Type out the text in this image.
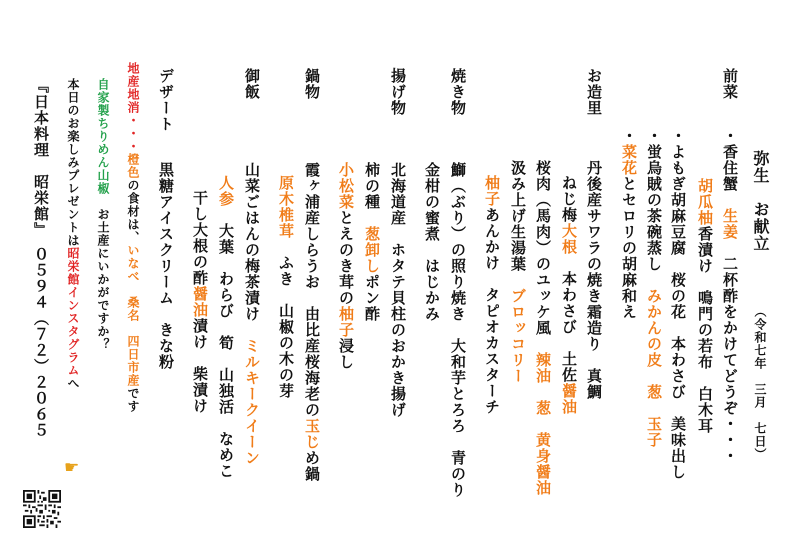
弥生　お献立
（令和七年　三月　七日）
前菜
・香住蟹　生姜　二杯酢をかけてどうぞ・・・
胡瓜柚香漬け　鳴門の若布　白木耳
・よもぎ胡麻豆腐　桜の花　本わさび　美味出し
・蛍烏賊の茶碗蒸し　みかんの皮　葱　玉子
・菜花とセロリの胡麻和え
お造里
丹後産サワラの焼き霜造り　真鯛
ねじ梅大根　本わさび　土佐醤油
桜肉（馬肉）のユッケ風　辣油　葱　黄身醤油
汲み上げ生湯葉　ブロッコリー
柚子あんかけ　タピオカスターチ
焼き物
鰤（ぶり）の照り焼き　大和芋とろろ　青のり
金柑の蜜煮　はじかみ
揚げ物
北海道産　ホタテ貝柱のおかき揚げ
柿の種　葱卸しポン酢
小松菜とえのき茸の柚子浸し
鍋物
霞ヶ浦産しらうお　由比産桜海老の玉じめ鍋
原木椎茸　ふき　山椒の木の芽
御飯
山菜ごはんの梅茶漬け　ミルキークイーン
人参　大葉　わらび　筍　山独活　なめこ
干し大根の酢醤油漬け　柴漬け
デザート
黒糖アイスクリーム　きな粉
地産地消・・・橙色の食材は、いなべ　桑名　四日市産です
自家製ちりめん山椒　お土産にいかがですか？
本日のお楽しみプレゼントは昭栄館インスタグラムへ
☛
『日本料理　昭栄館』　０５９４（７２）２０６５
